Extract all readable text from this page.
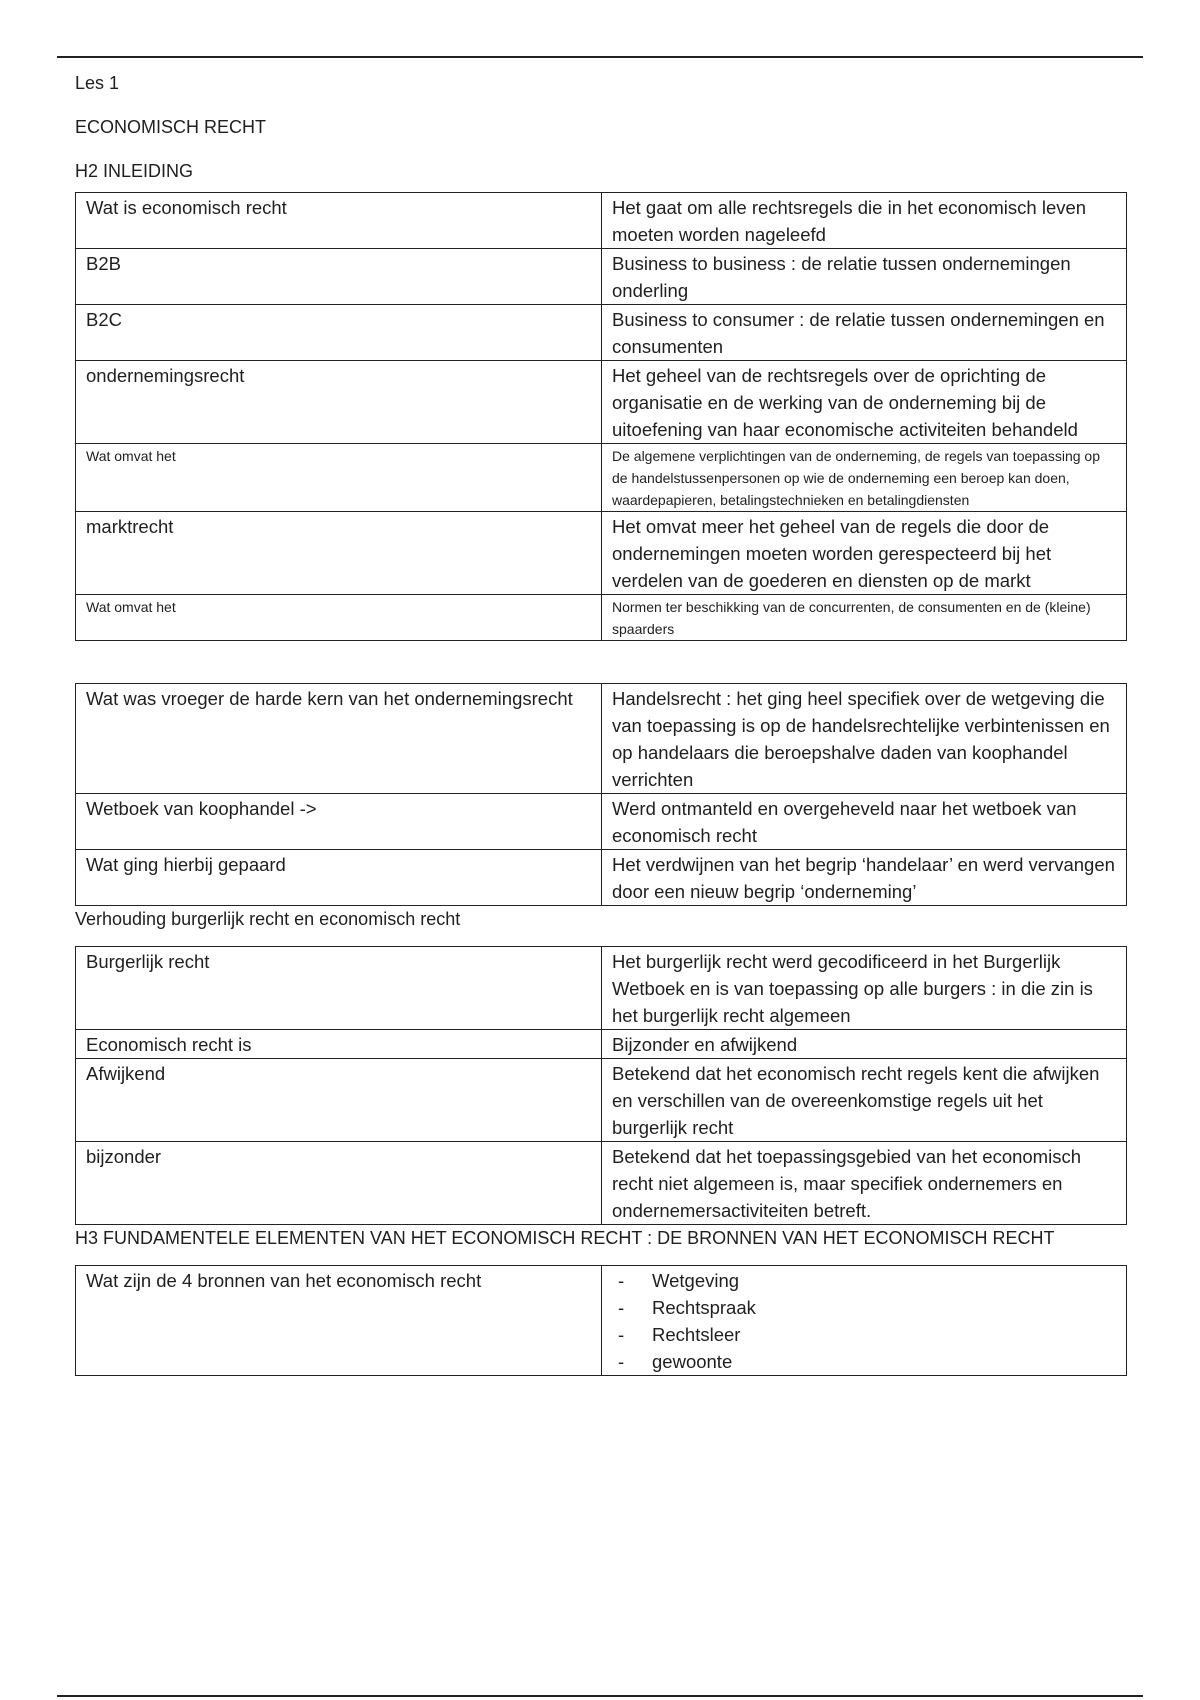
Les 1

ECONOMISCH RECHT

H2 INLEIDING

Wat is economisch recht	Het gaat om alle rechtsregels die in het economisch leven moeten worden nageleefd
B2B	Business to business : de relatie tussen ondernemingen onderling
B2C	Business to consumer : de relatie tussen ondernemingen en consumenten
ondernemingsrecht	Het geheel van de rechtsregels over de oprichting de organisatie en de werking van de onderneming bij de uitoefening van haar economische activiteiten behandeld
Wat omvat het	De algemene verplichtingen van de onderneming, de regels van toepassing op de handelstussenpersonen op wie de onderneming een beroep kan doen, waardepapieren, betalingstechnieken en betalingdiensten
marktrecht	Het omvat meer het geheel van de regels die door de ondernemingen moeten worden gerespecteerd bij het verdelen van de goederen en diensten op de markt
Wat omvat het	Normen ter beschikking van de concurrenten, de consumenten en de (kleine) spaarders
Wat was vroeger de harde kern van het ondernemingsrecht	Handelsrecht : het ging heel specifiek over de wetgeving die van toepassing is op de handelsrechtelijke verbintenissen en op handelaars die beroepshalve daden van koophandel verrichten
Wetboek van koophandel ->	Werd ontmanteld en overgeheveld naar het wetboek van economisch recht
Wat ging hierbij gepaard	Het verdwijnen van het begrip ‘handelaar’ en werd vervangen door een nieuw begrip ‘onderneming’

Verhouding burgerlijk recht en economisch recht

Burgerlijk recht	Het burgerlijk recht werd gecodificeerd in het Burgerlijk Wetboek en is van toepassing op alle burgers : in die zin is het burgerlijk recht algemeen
Economisch recht is	Bijzonder en afwijkend
Afwijkend	Betekend dat het economisch recht regels kent die afwijken en verschillen van de overeenkomstige regels uit het burgerlijk recht
bijzonder	Betekend dat het toepassingsgebied van het economisch recht niet algemeen is, maar specifiek ondernemers en ondernemersactiviteiten betreft.

H3 FUNDAMENTELE ELEMENTEN VAN HET ECONOMISCH RECHT : DE BRONNEN VAN HET ECONOMISCH RECHT

Wat zijn de 4 bronnen van het economisch recht	
-Wetgeving
- Rechtspraak
- Rechtsleer
- gewoonte
